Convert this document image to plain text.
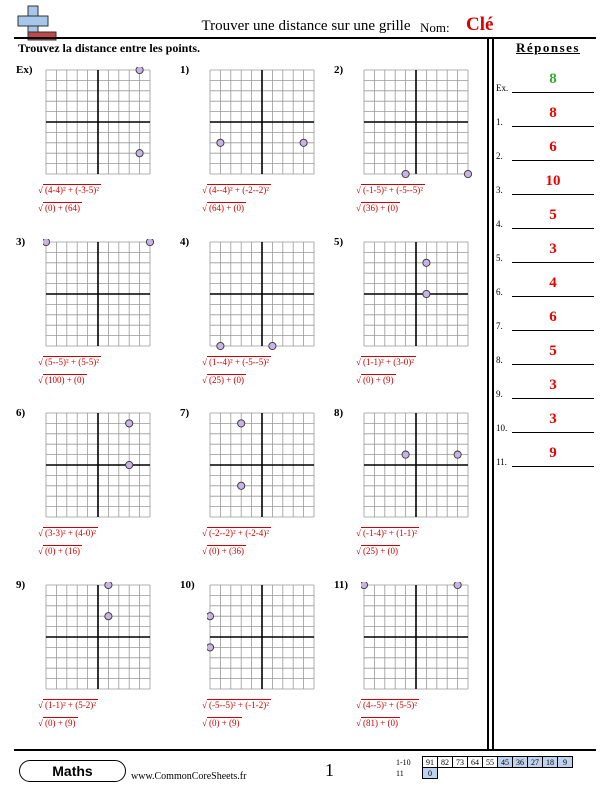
Trouver une distance sur une grille Nom: Clé
Trouvez la distance entre les points.	Réponses
Ex.
8
1.
8
2.
6
3.
10
4.
5
5.
3
6.
4
7.
6
8.
5
9.
3
10.
3
11.
9
Ex)
√ (4-4)² + (-3-5)²
√ (0) + (64)
1)
√ (4--4)² + (-2--2)²
√ (64) + (0)
2)
√ (-1-5)² + (-5--5)²
√ (36) + (0)
3)
√ (5--5)² + (5-5)²
√ (100) + (0)
4)
√ (1--4)² + (-5--5)²
√ (25) + (0)
5)
√ (1-1)² + (3-0)²
√ (0) + (9)
6)
√ (3-3)² + (4-0)²
√ (0) + (16)
7)
√ (-2--2)² + (-2-4)²
√ (0) + (36)
8)
√ (-1-4)² + (1-1)²
√ (25) + (0)
9)
√ (1-1)² + (5-2)²
√ (0) + (9)
10)
√ (-5--5)² + (-1-2)²
√ (0) + (9)
11)
√ (4--5)² + (5-5)²
√ (81) + (0)
Maths	www.CommonCoreSheets.fr	1	1-10	91	82	73	64	55	45	36	27	18	9
11	0									
